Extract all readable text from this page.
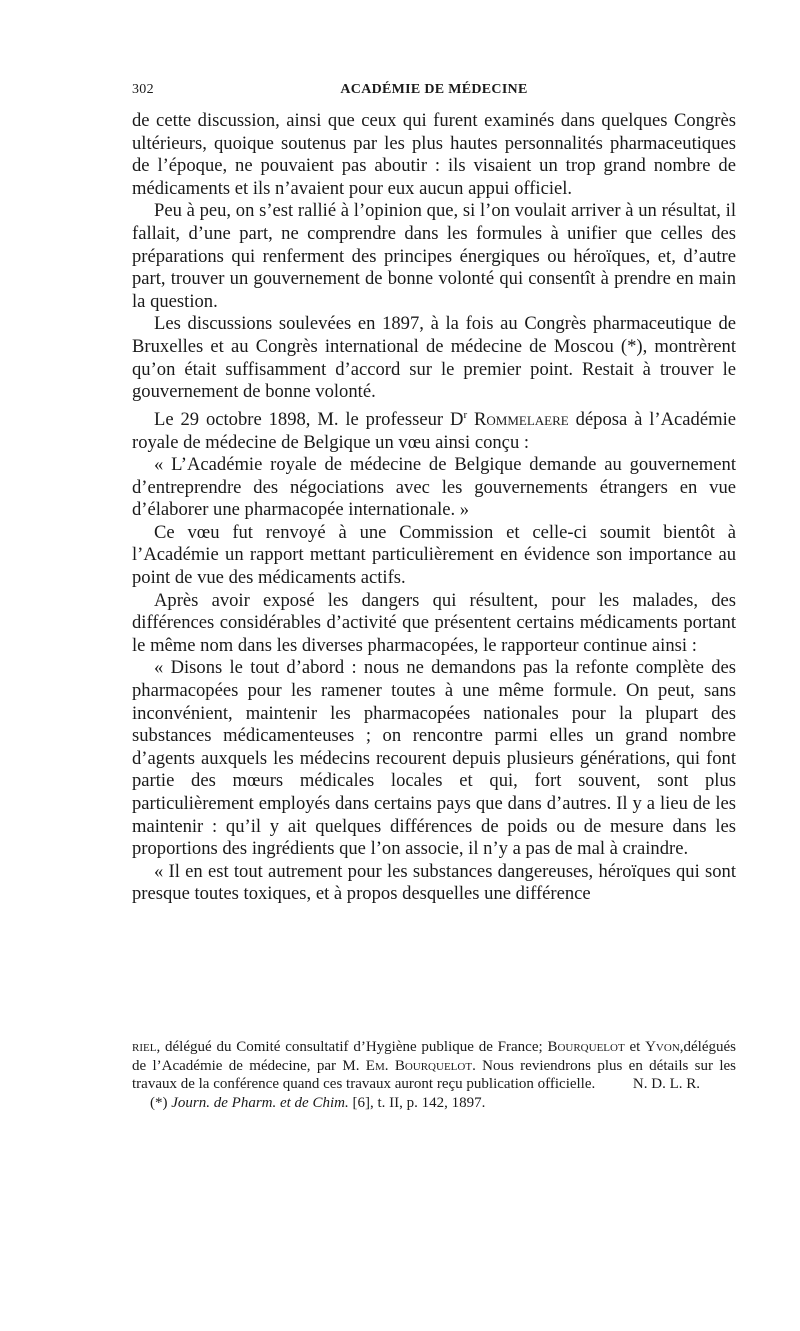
302	ACADÉMIE DE MÉDECINE

de cette discussion, ainsi que ceux qui furent examinés dans quelques Congrès ultérieurs, quoique soutenus par les plus hautes personnalités pharmaceutiques de l’époque, ne pouvaient pas aboutir : ils visaient un trop grand nombre de médicaments et ils n’avaient pour eux aucun appui officiel.

Peu à peu, on s’est rallié à l’opinion que, si l’on voulait arriver à un résultat, il fallait, d’une part, ne comprendre dans les formules à unifier que celles des préparations qui renferment des principes énergiques ou héroïques, et, d’autre part, trouver un gouvernement de bonne volonté qui consentît à prendre en main la question.

Les discussions soulevées en 1897, à la fois au Congrès pharmaceutique de Bruxelles et au Congrès international de médecine de Moscou (*), montrèrent qu’on était suffisamment d’accord sur le premier point. Restait à trouver le gouvernement de bonne volonté.

Le 29 octobre 1898, M. le professeur $D^r$ Rommelaere déposa à l’Académie royale de médecine de Belgique un vœu ainsi conçu :

« L’Académie royale de médecine de Belgique demande au gouvernement d’entreprendre des négociations avec les gouvernements étrangers en vue d’élaborer une pharmacopée internationale. »

Ce vœu fut renvoyé à une Commission et celle-ci soumit bientôt à l’Académie un rapport mettant particulièrement en évidence son importance au point de vue des médicaments actifs.

Après avoir exposé les dangers qui résultent, pour les malades, des différences considérables d’activité que présentent certains médicaments portant le même nom dans les diverses pharmacopées, le rapporteur continue ainsi :

« Disons le tout d’abord : nous ne demandons pas la refonte complète des pharmacopées pour les ramener toutes à une même formule. On peut, sans inconvénient, maintenir les pharmacopées nationales pour la plupart des substances médicamenteuses ; on rencontre parmi elles un grand nombre d’agents auxquels les médecins recourent depuis plusieurs générations, qui font partie des mœurs médicales locales et qui, fort souvent, sont plus particulièrement employés dans certains pays que dans d’autres. Il y a lieu de les maintenir : qu’il y ait quelques différences de poids ou de mesure dans les proportions des ingrédients que l’on associe, il n’y a pas de mal à craindre.

« Il en est tout autrement pour les substances dangereuses, héroïques qui sont presque toutes toxiques, et à propos desquelles une différence

riel, délégué du Comité consultatif d’Hygiène publique de France; Bourquelot et Yvon,délégués de l’Académie de médecine, par M. Em. Bourquelot. Nous reviendrons plus en détails sur les travaux de la conférence quand ces travaux auront reçu publication officielle.	N. D. L. R.

(*) Journ. de Pharm. et de Chim. [6], t. II, p. 142, 1897.
